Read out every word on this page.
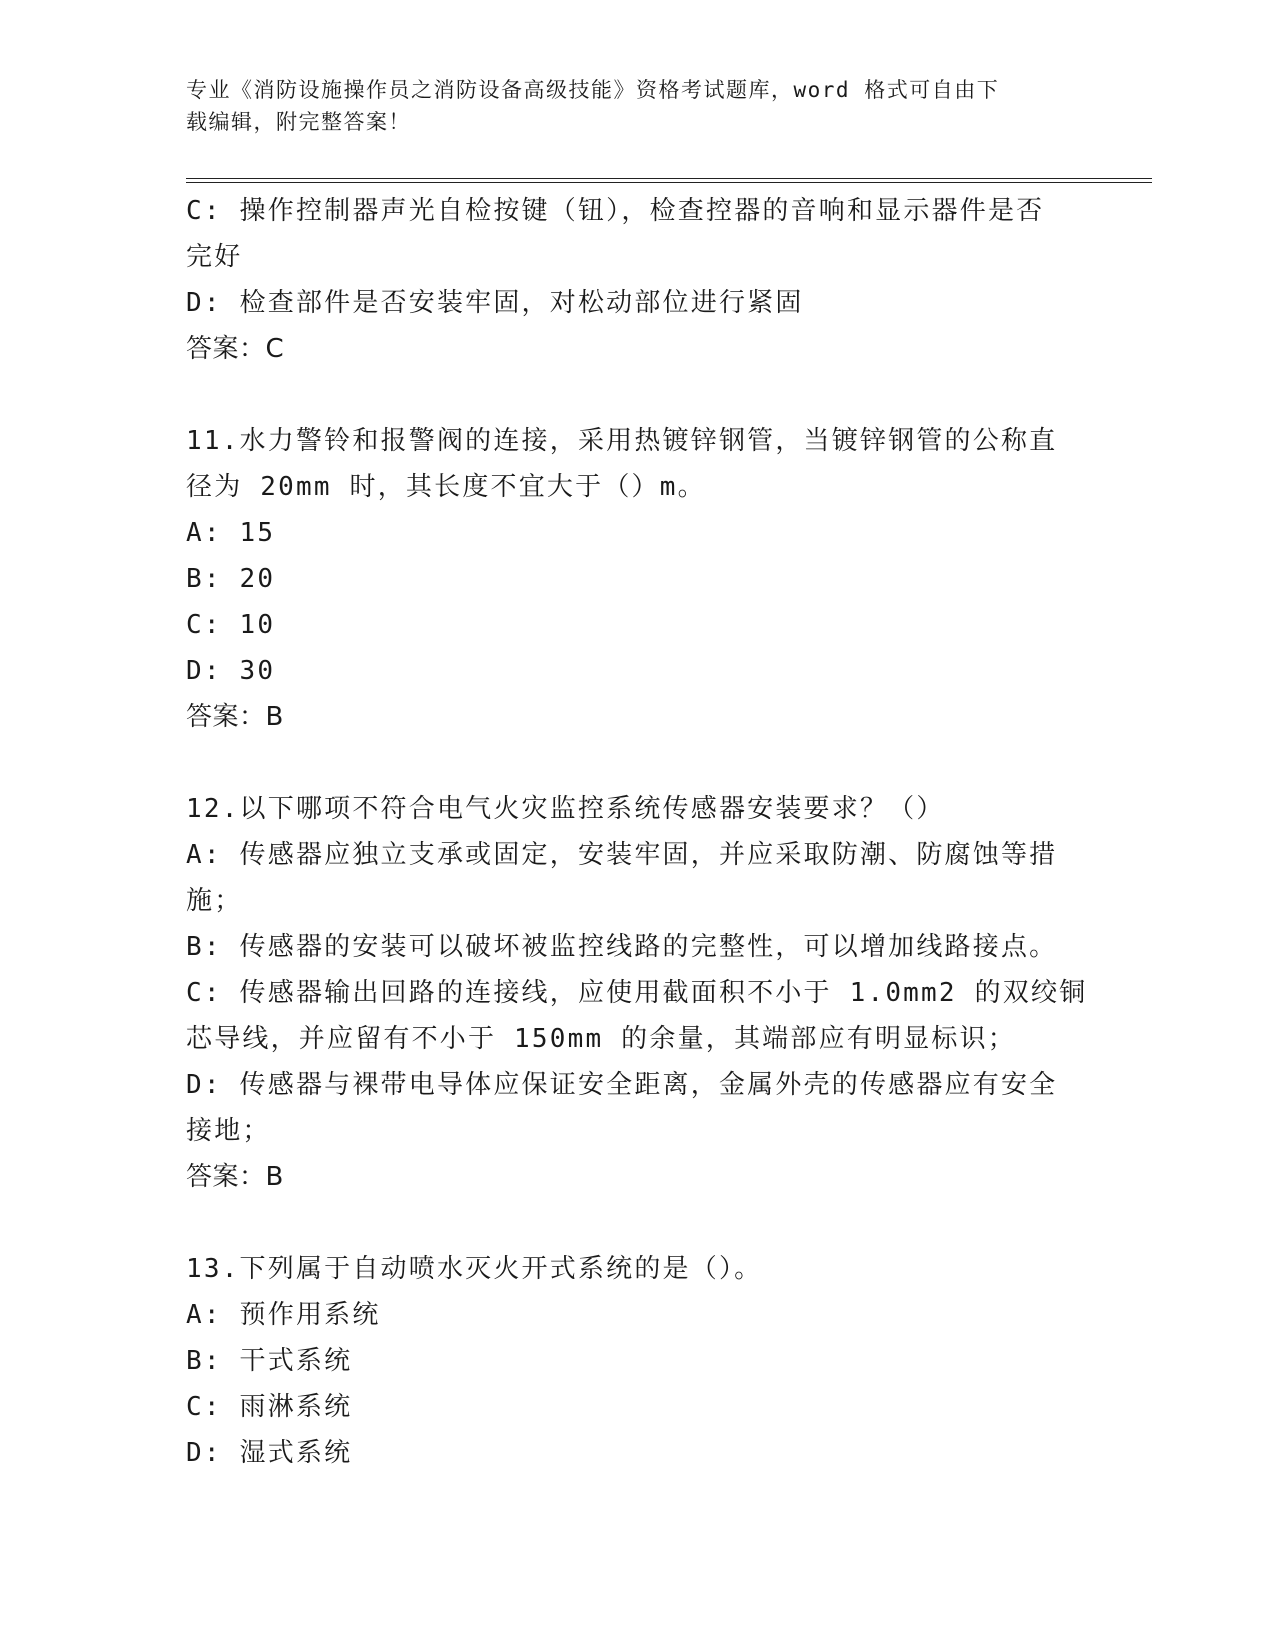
专业《消防设施操作员之消防设备高级技能》资格考试题库，word 格式可自由下
载编辑，附完整答案！
C: 操作控制器声光自检按键（钮），检查控器的音响和显示器件是否
完好
D: 检查部件是否安装牢固，对松动部位进行紧固
答案：C
11.水力警铃和报警阀的连接，采用热镀锌钢管，当镀锌钢管的公称直
径为 20mm 时，其长度不宜大于（）m。
A: 15
B: 20
C: 10
D: 30
答案：B
12.以下哪项不符合电气火灾监控系统传感器安装要求？（）
A: 传感器应独立支承或固定，安装牢固，并应采取防潮、防腐蚀等措
施；
B: 传感器的安装可以破坏被监控线路的完整性，可以增加线路接点。
C: 传感器输出回路的连接线，应使用截面积不小于 1.0mm2 的双绞铜
芯导线，并应留有不小于 150mm 的余量，其端部应有明显标识；
D: 传感器与裸带电导体应保证安全距离，金属外壳的传感器应有安全
接地；
答案：B
13.下列属于自动喷水灭火开式系统的是（）。
A: 预作用系统
B: 干式系统
C: 雨淋系统
D: 湿式系统
